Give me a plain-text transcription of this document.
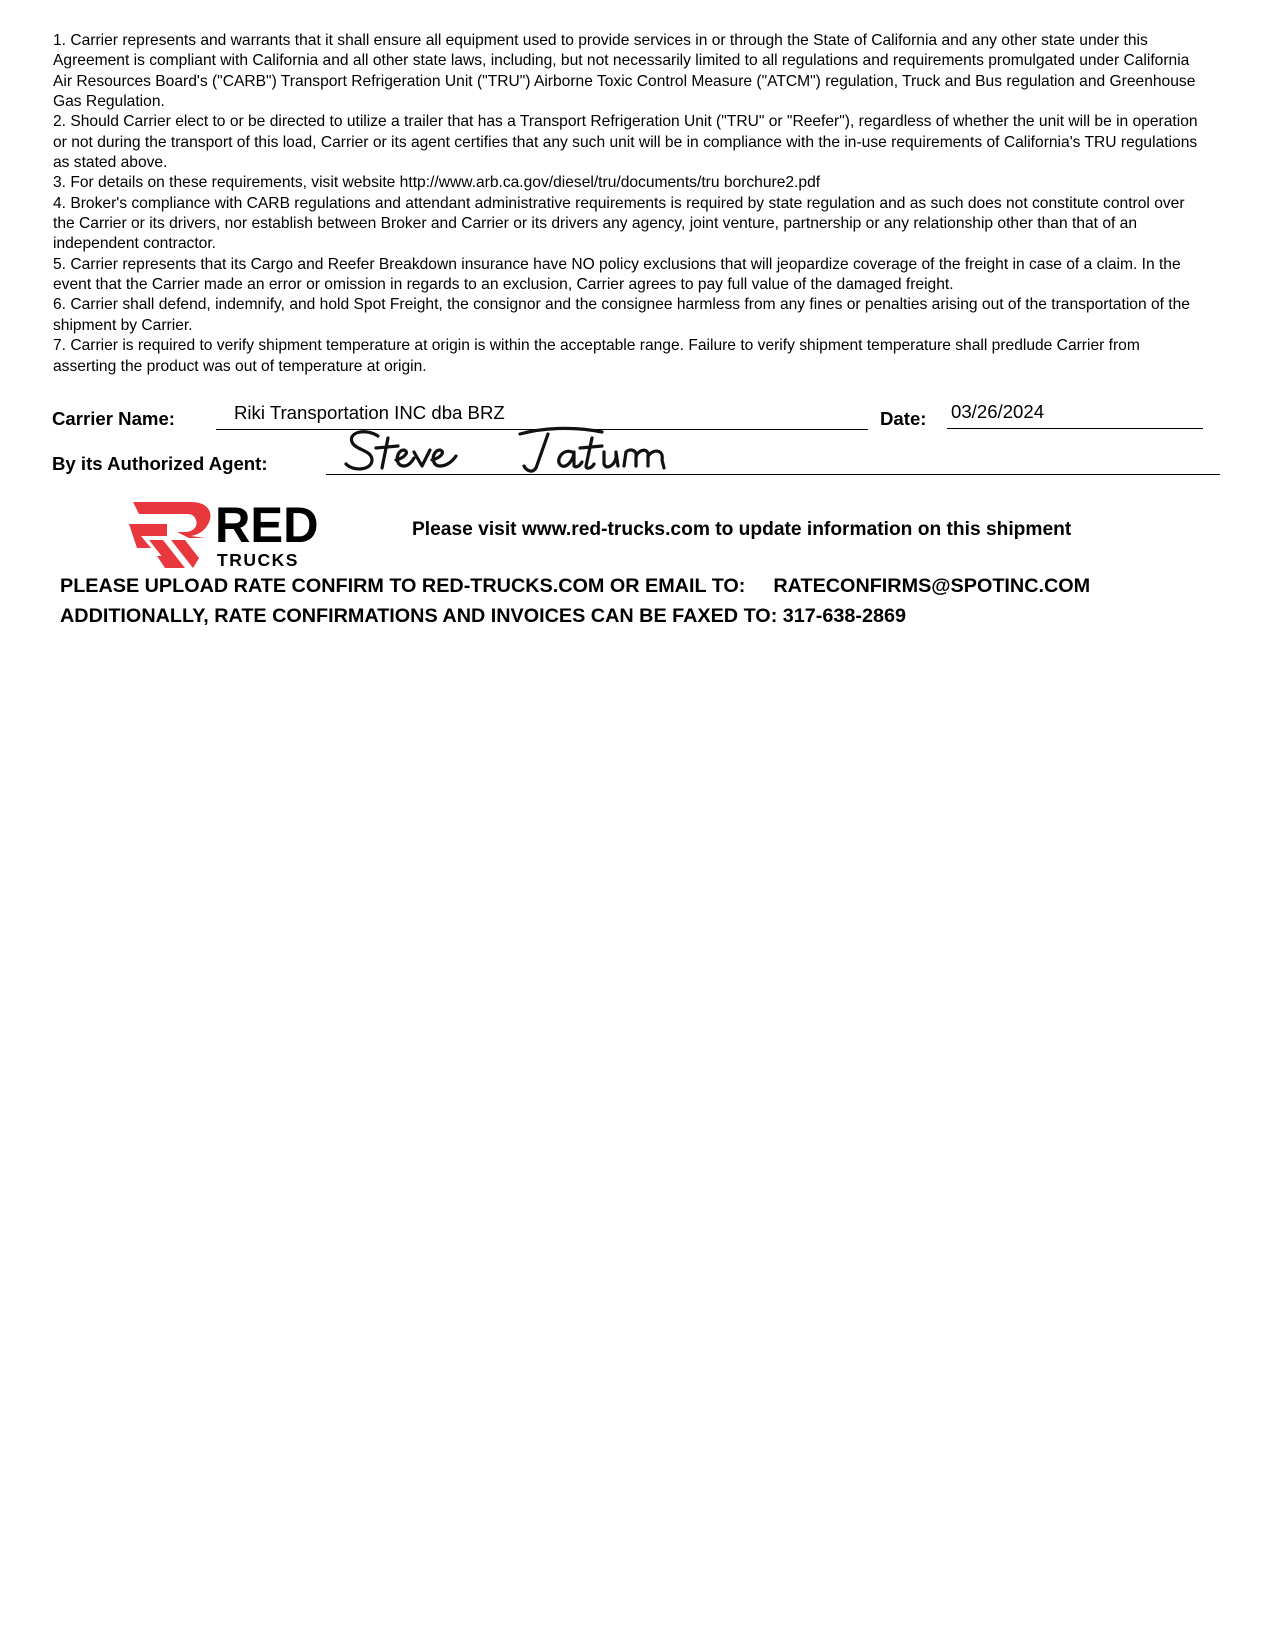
1. Carrier represents and warrants that it shall ensure all equipment used to provide services in or through the State of California and any other state under this Agreement is compliant with California and all other state laws, including, but not necessarily limited to all regulations and requirements promulgated under California Air Resources Board's ("CARB") Transport Refrigeration Unit ("TRU") Airborne Toxic Control Measure ("ATCM") regulation, Truck and Bus regulation and Greenhouse Gas Regulation.

2. Should Carrier elect to or be directed to utilize a trailer that has a Transport Refrigeration Unit ("TRU" or "Reefer"), regardless of whether the unit will be in operation or not during the transport of this load, Carrier or its agent certifies that any such unit will be in compliance with the in-use requirements of California's TRU regulations as stated above.

3. For details on these requirements, visit website http://www.arb.ca.gov/diesel/tru/documents/tru borchure2.pdf

4. Broker's compliance with CARB regulations and attendant administrative requirements is required by state regulation and as such does not constitute control over the Carrier or its drivers, nor establish between Broker and Carrier or its drivers any agency, joint venture, partnership or any relationship other than that of an independent contractor.

5. Carrier represents that its Cargo and Reefer Breakdown insurance have NO policy exclusions that will jeopardize coverage of the freight in case of a claim. In the event that the Carrier made an error or omission in regards to an exclusion, Carrier agrees to pay full value of the damaged freight.

6. Carrier shall defend, indemnify, and hold Spot Freight, the consignor and the consignee harmless from any fines or penalties arising out of the transportation of the shipment by Carrier.

7. Carrier is required to verify shipment temperature at origin is within the acceptable range. Failure to verify shipment temperature shall predlude Carrier from asserting the product was out of temperature at origin.

Carrier Name:	Riki Transportation INC dba BRZ	Date: 03/26/2024
By its Authorized Agent:
RED
TRUCKS
Please visit www.red-trucks.com to update information on this shipment
PLEASE UPLOAD RATE CONFIRM TO RED-TRUCKS.COM OR EMAIL TO: RATECONFIRMS@SPOTINC.COM
ADDITIONALLY, RATE CONFIRMATIONS AND INVOICES CAN BE FAXED TO: 317-638-2869
